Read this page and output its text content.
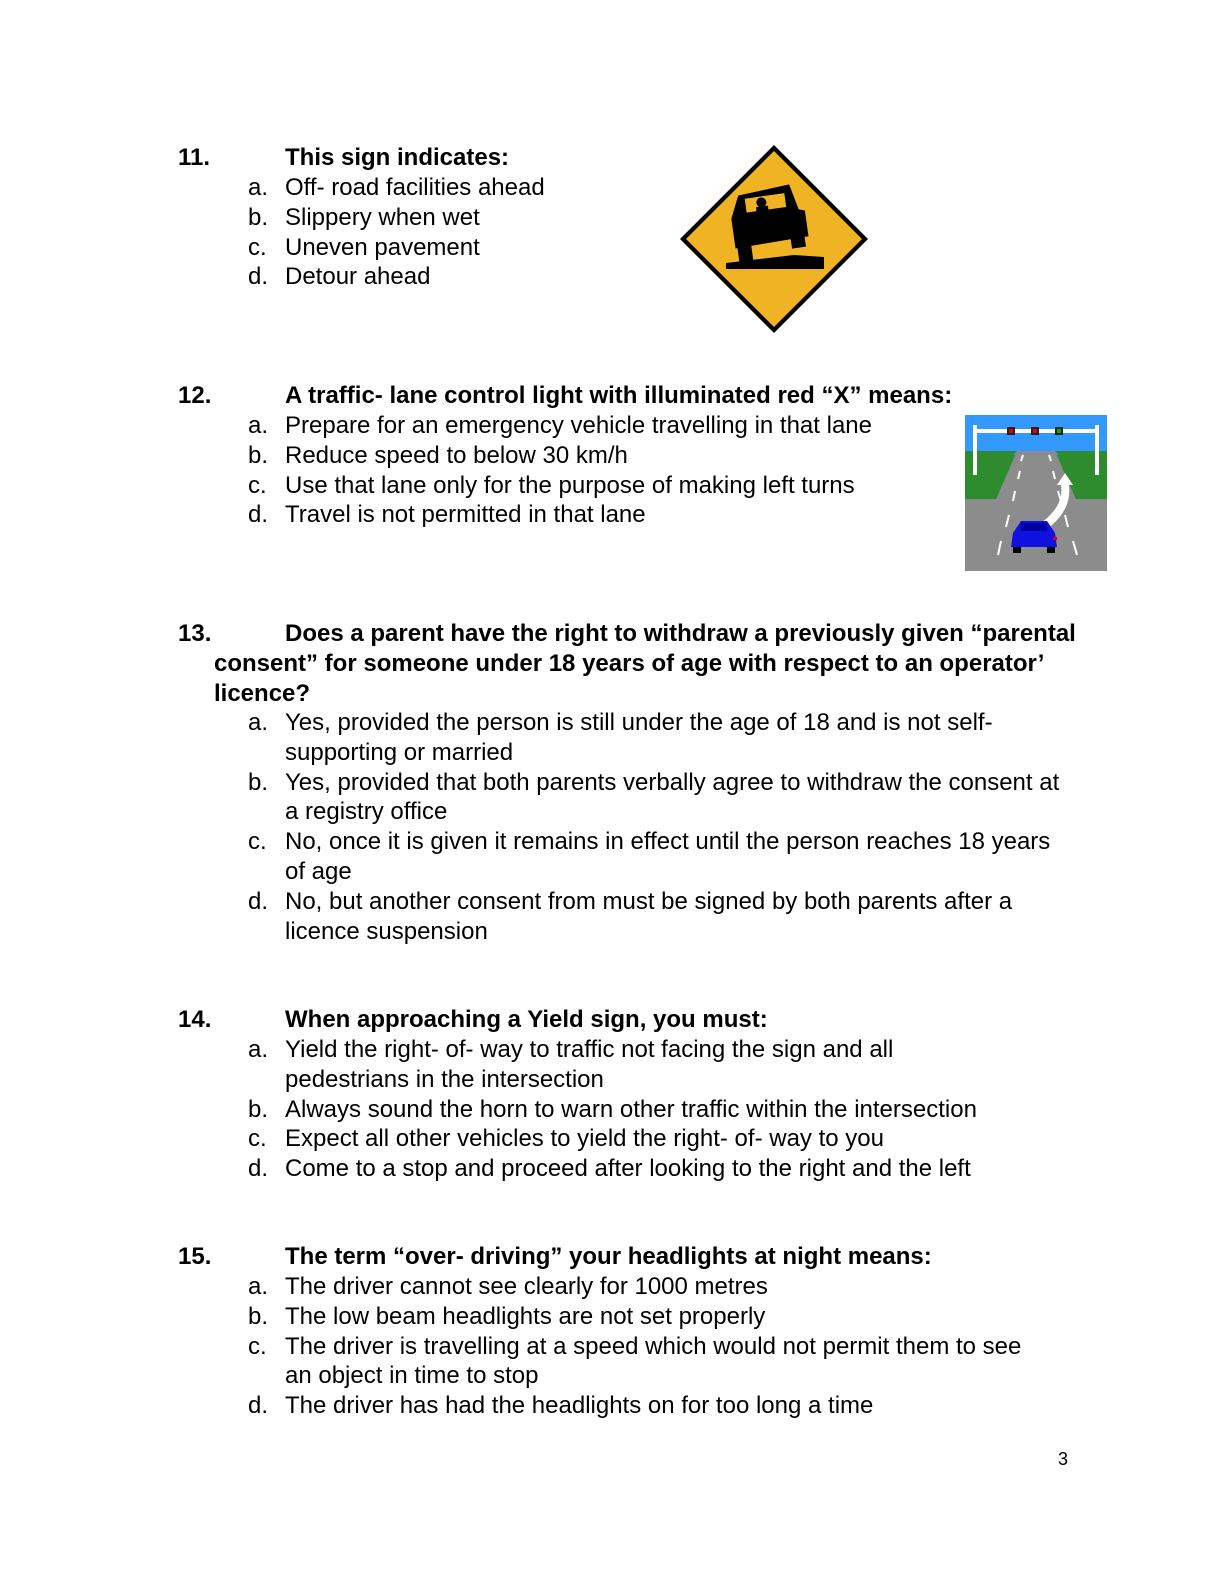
11.	This sign indicates:
a. Off- road facilities ahead
b. Slippery when wet
c. Uneven pavement
d. Detour ahead
12.	A traffic- lane control light with illuminated red “X” means:
a. Prepare for an emergency vehicle travelling in that lane
b. Reduce speed to below 30 km/h
c. Use that lane only for the purpose of making left turns
d. Travel is not permitted in that lane
13.	Does a parent have the right to withdraw a previously given “parental consent” for someone under 18 years of age with respect to an operator’ licence?
a. Yes, provided the person is still under the age of 18 and is not self-supporting or married
b. Yes, provided that both parents verbally agree to withdraw the consent at a registry office
c. No, once it is given it remains in effect until the person reaches 18 years of age
d. No, but another consent from must be signed by both parents after a licence suspension
14.	When approaching a Yield sign, you must:
a. Yield the right- of- way to traffic not facing the sign and all pedestrians in the intersection
b. Always sound the horn to warn other traffic within the intersection
c. Expect all other vehicles to yield the right- of- way to you
d. Come to a stop and proceed after looking to the right and the left
15.	The term “over- driving” your headlights at night means:
a. The driver cannot see clearly for 1000 metres
b. The low beam headlights are not set properly
c. The driver is travelling at a speed which would not permit them to see an object in time to stop
d. The driver has had the headlights on for too long a time
3
